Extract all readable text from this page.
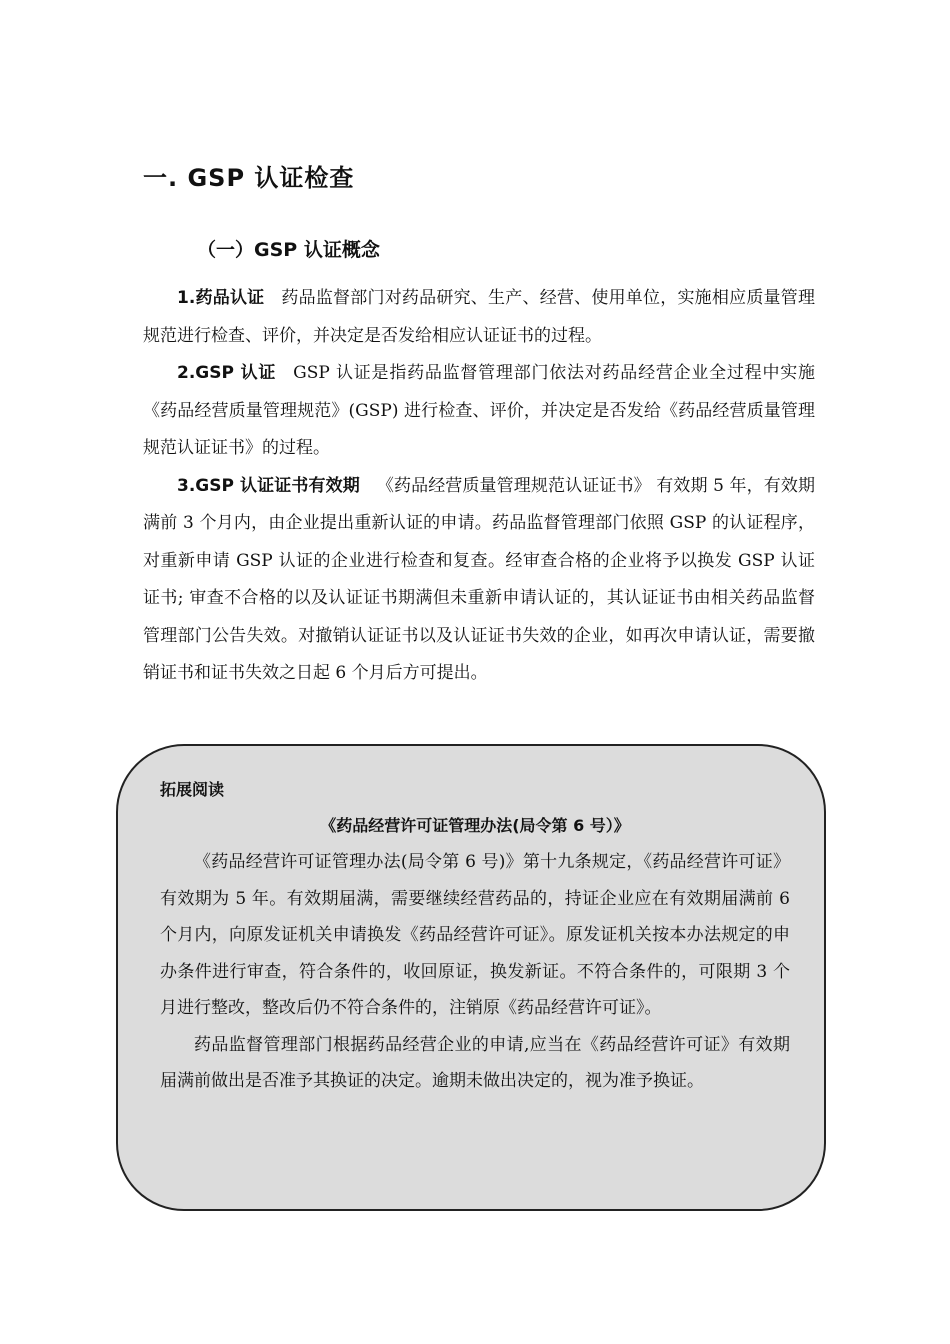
一. GSP 认证检查
（一）GSP 认证概念

1.药品认证 药品监督部门对药品研究、生产、经营、使用单位，实施相应质量管理规范进行检查、评价，并决定是否发给相应认证证书的过程。

2.GSP 认证 GSP 认证是指药品监督管理部门依法对药品经营企业全过程中实施《药品经营质量管理规范》(GSP) 进行检查、评价，并决定是否发给《药品经营质量管理规范认证证书》的过程。

3.GSP 认证证书有效期 《药品经营质量管理规范认证证书》 有效期 5 年，有效期满前 3 个月内，由企业提出重新认证的申请。药品监督管理部门依照 GSP 的认证程序，对重新申请 GSP 认证的企业进行检查和复查。经审查合格的企业将予以换发 GSP 认证证书; 审查不合格的以及认证证书期满但未重新申请认证的，其认证证书由相关药品监督管理部门公告失效。对撤销认证证书以及认证证书失效的企业，如再次申请认证，需要撤销证书和证书失效之日起 6 个月后方可提出。

拓展阅读
《药品经营许可证管理办法(局令第 6 号）》

《药品经营许可证管理办法(局令第 6 号)》第十九条规定，《药品经营许可证》有效期为 5 年。有效期届满，需要继续经营药品的，持证企业应在有效期届满前 6 个月内，向原发证机关申请换发《药品经营许可证》。原发证机关按本办法规定的申办条件进行审查，符合条件的，收回原证，换发新证。不符合条件的，可限期 3 个月进行整改，整改后仍不符合条件的，注销原《药品经营许可证》。

药品监督管理部门根据药品经营企业的申请,应当在《药品经营许可证》有效期届满前做出是否准予其换证的决定。逾期未做出决定的，视为准予换证。
